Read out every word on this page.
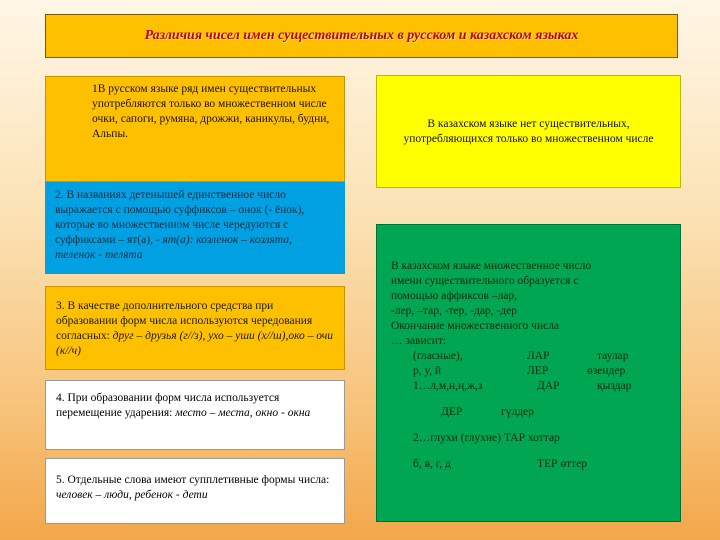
Различия чисел имен существительных в русском и казахском языках
1В русском языке ряд имен существительных употребляются только во множественном числе очки, сапоги, румяна, дрожжи, каникулы, будни, Альпы.
2. В названиях детенышей единственное число выражается с помощью суффиксов – онок (- ёнок), которые во множественном числе чередуются с суффиксами – ят(а), - ят(а): козленок – козлята, теленок - телята
3. В качестве дополнительного средства при образовании форм числа используются чередования согласных: друг – друзья (г//з), ухо – уши (х//ш),око – очи (к//ч)
4. При образовании форм числа используется перемещение ударения: место – места, окно - окна
5. Отдельные слова имеют супплетивные формы числа: человек – люди, ребенок - дети
В казахском языке нет существительных, употребляющихся только во множественном числе
В казахском языке множественное число
имени существительного образуется с
помощью аффиксов –лар,
-лер, –тар, -тер, -дар, -дер
Окончание множественного числа
… зависит:
(гласные),	ЛАР	таулар
р, у, й	ЛЕР	өзендер
1…л,м,н,ң,ж,з	ДАР	қыздар
ДЕР	гүлдер
2…глухи (глухие) ТАР хоттар
б, в, г, д	ТЕР өттер
